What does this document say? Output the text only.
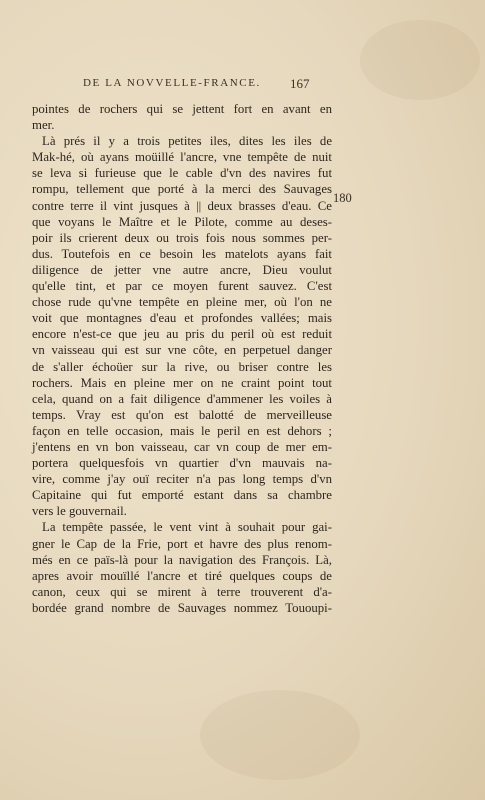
DE LA NOVVELLE-FRANCE.	167
180
pointes de rochers qui se jettent fort en avant en
mer.
Là prés il y a trois petites iles, dites les iles de
Mak-hé, où ayans moüillé l'ancre, vne tempête de nuit
se leva si furieuse que le cable d'vn des navires fut
rompu, tellement que porté à la merci des Sauvages
contre terre il vint jusques à || deux brasses d'eau. Ce
que voyans le Maître et le Pilote, comme au deses-
poir ils crierent deux ou trois fois nous sommes per-
dus. Toutefois en ce besoin les matelots ayans fait
diligence de jetter vne autre ancre, Dieu voulut
qu'elle tint, et par ce moyen furent sauvez. C'est
chose rude qu'vne tempête en pleine mer, où l'on ne
voit que montagnes d'eau et profondes vallées; mais
encore n'est-ce que jeu au pris du peril où est reduit
vn vaisseau qui est sur vne côte, en perpetuel danger
de s'aller échoüer sur la rive, ou briser contre les
rochers. Mais en pleine mer on ne craint point tout
cela, quand on a fait diligence d'ammener les voiles à
temps. Vray est qu'on est balotté de merveilleuse
façon en telle occasion, mais le peril en est dehors ;
j'entens en vn bon vaisseau, car vn coup de mer em-
portera quelquesfois vn quartier d'vn mauvais na-
vire, comme j'ay ouï reciter n'a pas long temps d'vn
Capitaine qui fut emporté estant dans sa chambre
vers le gouvernail.
La tempête passée, le vent vint à souhait pour gai-
gner le Cap de la Frie, port et havre des plus renom-
més en ce païs-là pour la navigation des François. Là,
apres avoir mouïllé l'ancre et tiré quelques coups de
canon, ceux qui se mirent à terre trouverent d'a-
bordée grand nombre de Sauvages nommez Tououpi-
